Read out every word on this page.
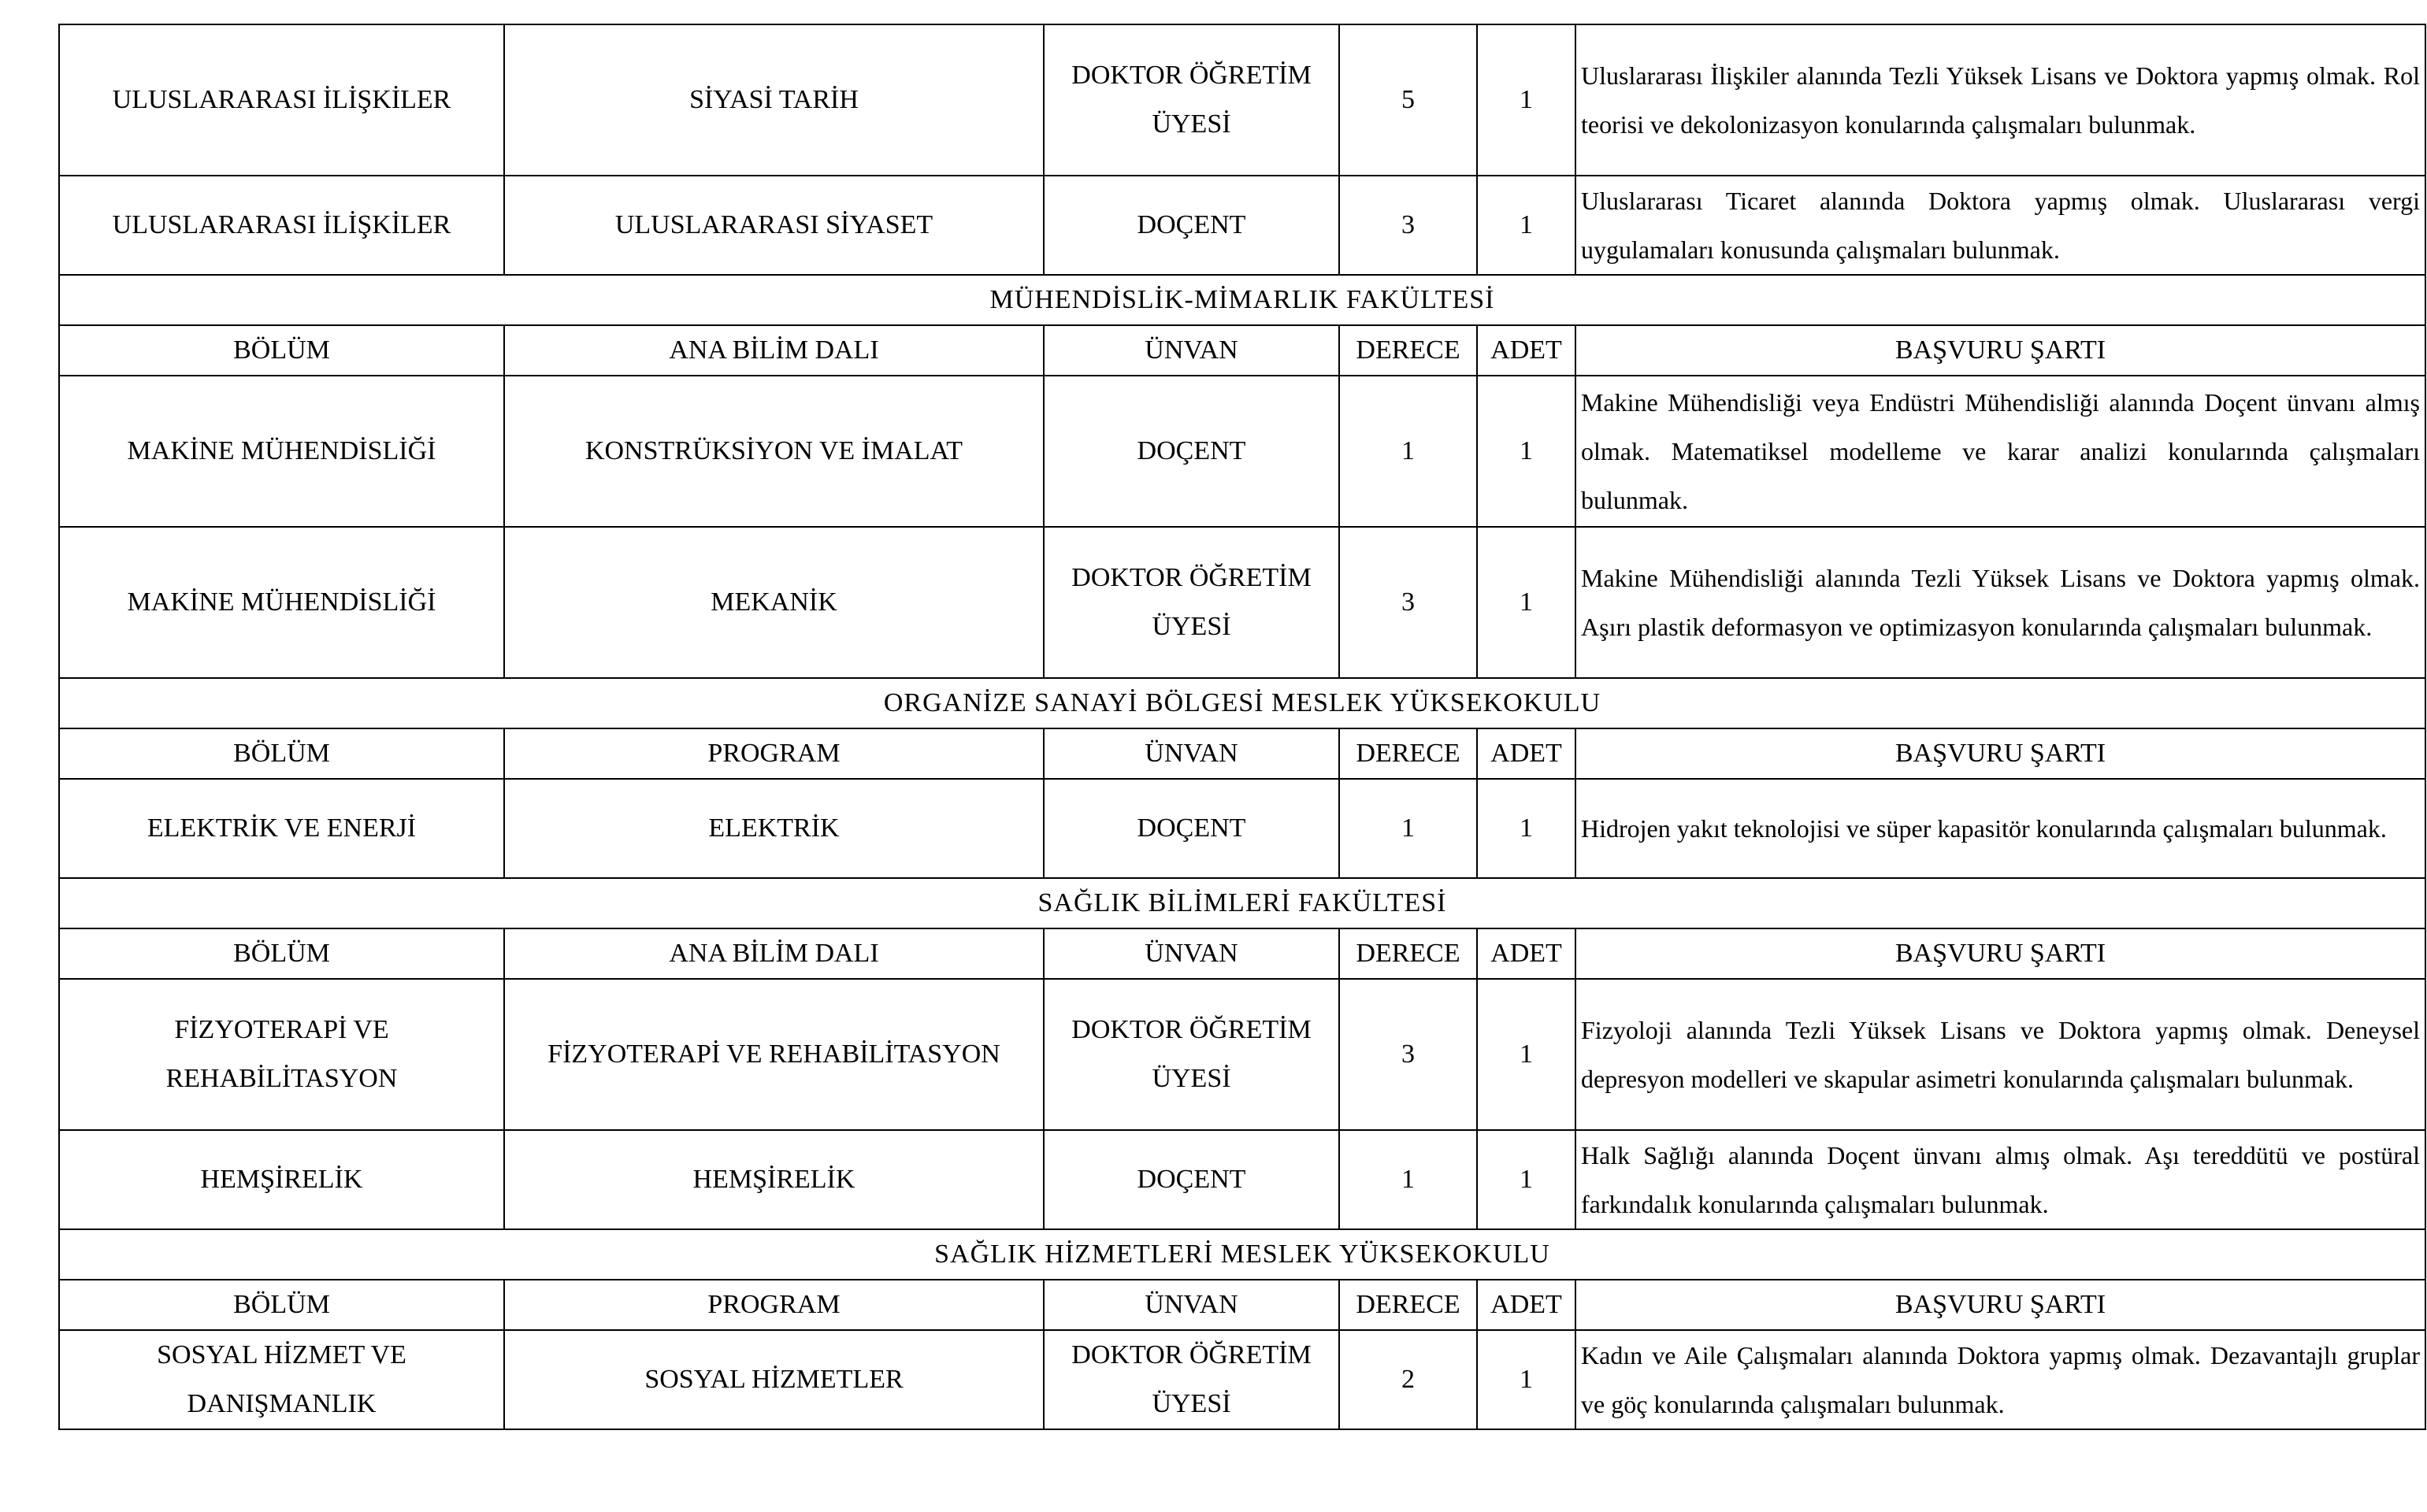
ULUSLARARASI İLİŞKİLER	SİYASİ TARİH	DOKTOR ÖĞRETİM ÜYESİ	5	1	Uluslararası İlişkiler alanında Tezli Yüksek Lisans ve Doktora yapmış olmak. Rol teorisi ve dekolonizasyon konularında çalışmaları bulunmak.
ULUSLARARASI İLİŞKİLER	ULUSLARARASI SİYASET	DOÇENT	3	1	Uluslararası Ticaret alanında Doktora yapmış olmak. Uluslararası vergi uygulamaları konusunda çalışmaları bulunmak.
MÜHENDİSLİK-MİMARLIK FAKÜLTESİ					
BÖLÜM	ANA BİLİM DALI	ÜNVAN	DERECE	ADET	BAŞVURU ŞARTI
MAKİNE MÜHENDİSLİĞİ	KONSTRÜKSİYON VE İMALAT	DOÇENT	1	1	Makine Mühendisliği veya Endüstri Mühendisliği alanında Doçent ünvanı almış olmak. Matematiksel modelleme ve karar analizi konularında çalışmaları bulunmak.
MAKİNE MÜHENDİSLİĞİ	MEKANİK	DOKTOR ÖĞRETİM ÜYESİ	3	1	Makine Mühendisliği alanında Tezli Yüksek Lisans ve Doktora yapmış olmak. Aşırı plastik deformasyon ve optimizasyon konularında çalışmaları bulunmak.
ORGANİZE SANAYİ BÖLGESİ MESLEK YÜKSEKOKULU					
BÖLÜM	PROGRAM	ÜNVAN	DERECE	ADET	BAŞVURU ŞARTI
ELEKTRİK VE ENERJİ	ELEKTRİK	DOÇENT	1	1	Hidrojen yakıt teknolojisi ve süper kapasitör konularında çalışmaları bulunmak.
SAĞLIK BİLİMLERİ FAKÜLTESİ					
BÖLÜM	ANA BİLİM DALI	ÜNVAN	DERECE	ADET	BAŞVURU ŞARTI
FİZYOTERAPİ VE REHABİLİTASYON	FİZYOTERAPİ VE REHABİLİTASYON	DOKTOR ÖĞRETİM ÜYESİ	3	1	Fizyoloji alanında Tezli Yüksek Lisans ve Doktora yapmış olmak. Deneysel depresyon modelleri ve skapular asimetri konularında çalışmaları bulunmak.
HEMŞİRELİK	HEMŞİRELİK	DOÇENT	1	1	Halk Sağlığı alanında Doçent ünvanı almış olmak. Aşı tereddütü ve postüral farkındalık konularında çalışmaları bulunmak.
SAĞLIK HİZMETLERİ MESLEK YÜKSEKOKULU					
BÖLÜM	PROGRAM	ÜNVAN	DERECE	ADET	BAŞVURU ŞARTI
SOSYAL HİZMET VE DANIŞMANLIK	SOSYAL HİZMETLER	DOKTOR ÖĞRETİM ÜYESİ	2	1	Kadın ve Aile Çalışmaları alanında Doktora yapmış olmak. Dezavantajlı gruplar ve göç konularında çalışmaları bulunmak.
